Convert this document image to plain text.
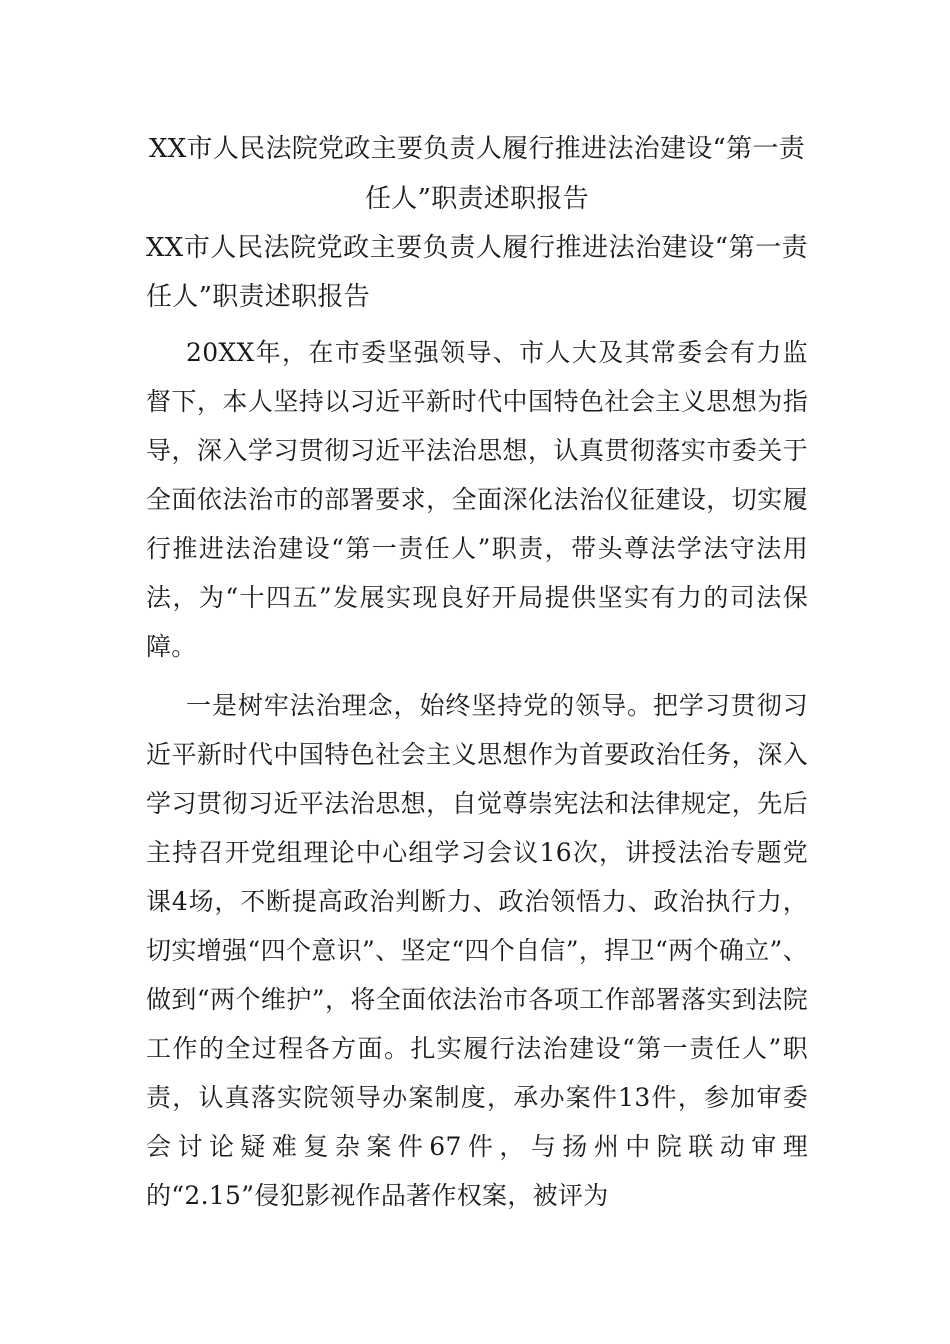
XX市人民法院党政主要负责人履行推进法治建设“第一责任人”职责述职报告

XX市人民法院党政主要负责人履行推进法治建设“第一责任人”职责述职报告

20XX年，在市委坚强领导、市人大及其常委会有力监督下，本人坚持以习近平新时代中国特色社会主义思想为指导，深入学习贯彻习近平法治思想，认真贯彻落实市委关于全面依法治市的部署要求，全面深化法治仪征建设，切实履行推进法治建设“第一责任人”职责，带头尊法学法守法用法，为“十四五”发展实现良好开局提供坚实有力的司法保障。

一是树牢法治理念，始终坚持党的领导。把学习贯彻习近平新时代中国特色社会主义思想作为首要政治任务，深入学习贯彻习近平法治思想，自觉尊崇宪法和法律规定，先后主持召开党组理论中心组学习会议16次，讲授法治专题党课4场，不断提高政治判断力、政治领悟力、政治执行力，切实增强“四个意识”、坚定“四个自信”，捍卫“两个确立”、做到“两个维护”，将全面依法治市各项工作部署落实到法院工作的全过程各方面。扎实履行法治建设“第一责任人”职责，认真落实院领导办案制度，承办案件13件，参加审委会讨论疑难复杂案件67件，与扬州中院联动审理的“2.15”侵犯影视作品著作权案，被评为
